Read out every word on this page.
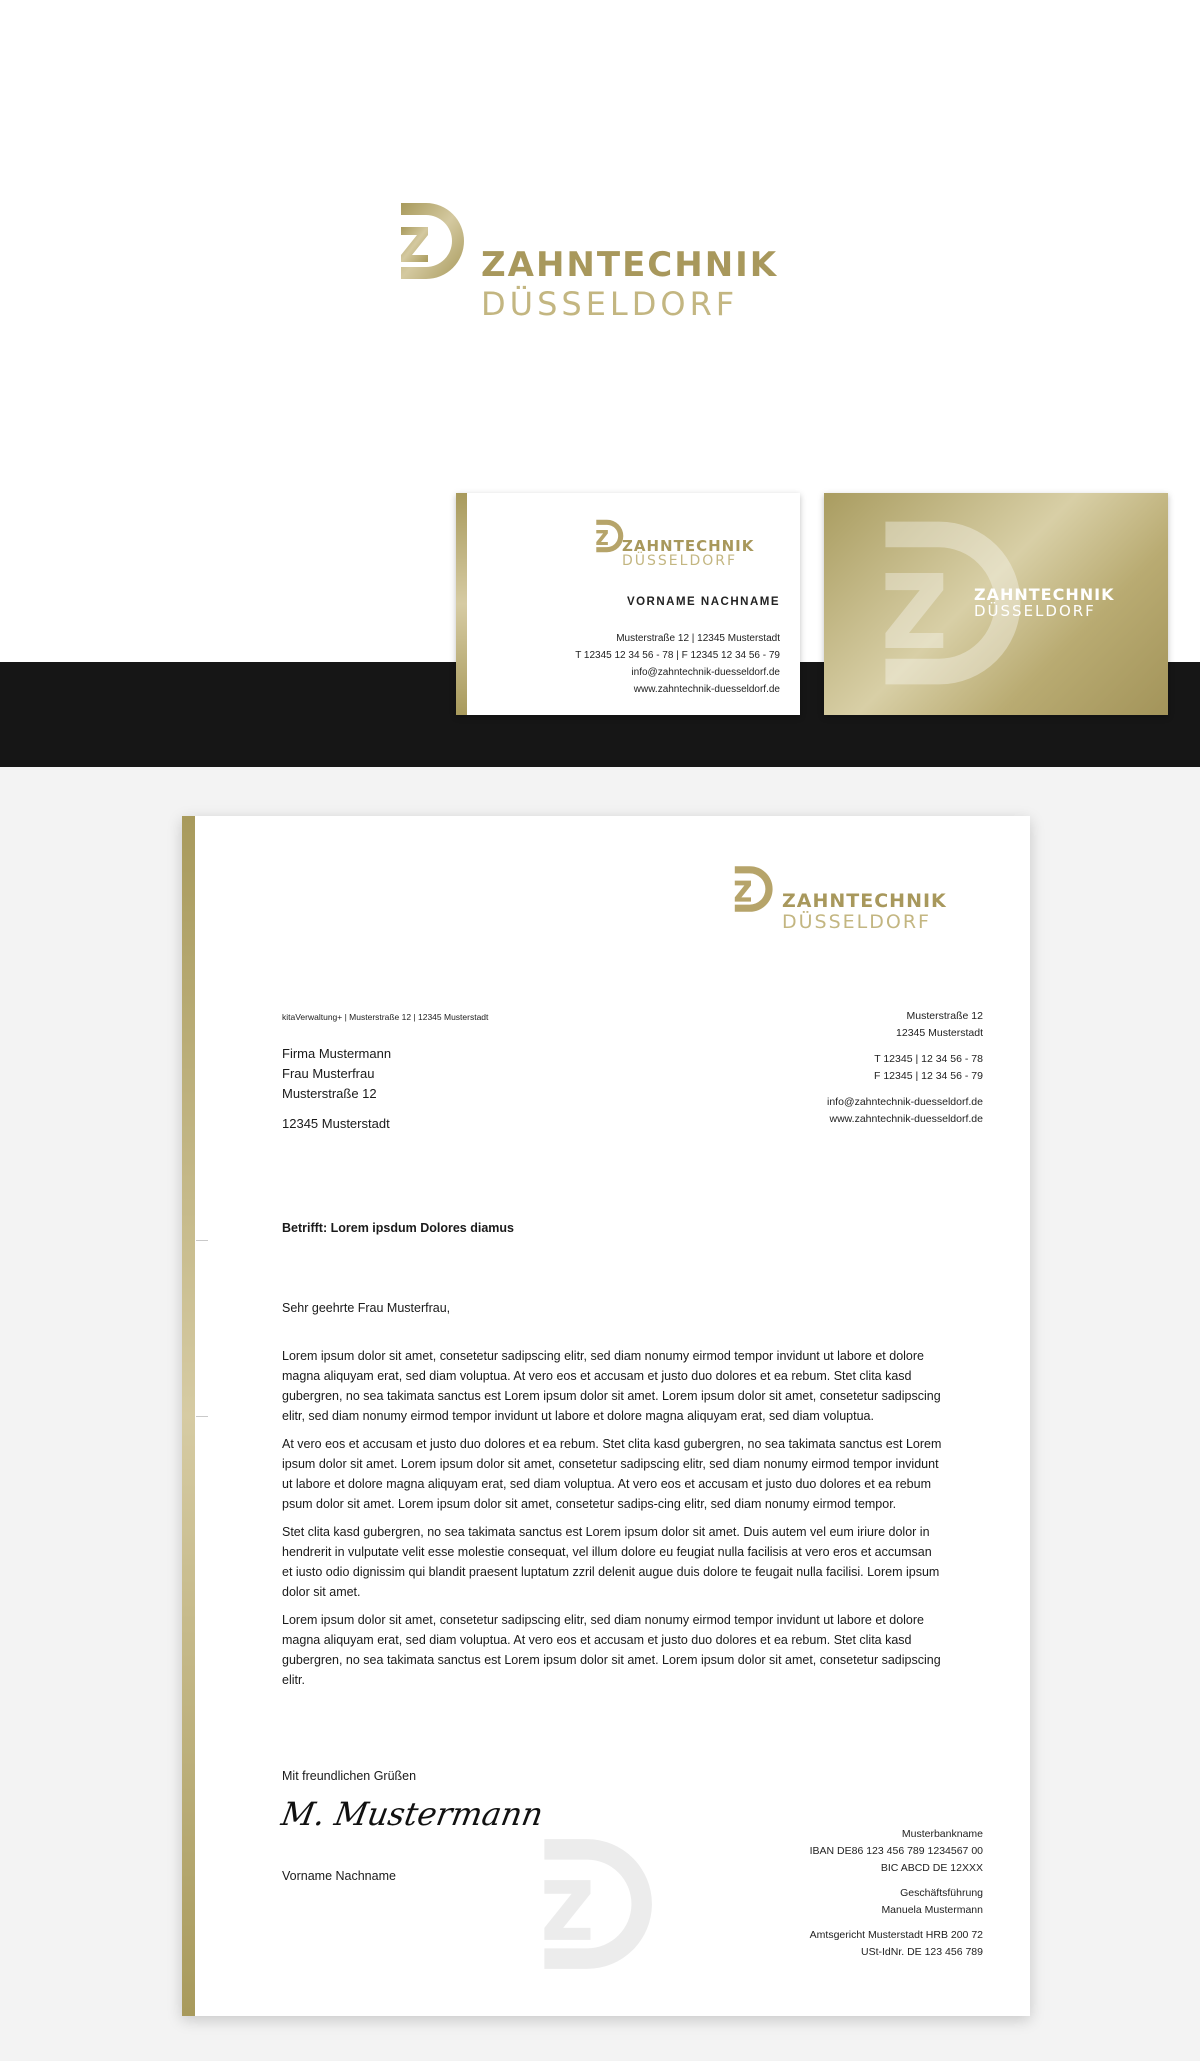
ZAHNTECHNIK
DÜSSELDORF
ZAHNTECHNIK
DÜSSELDORF
VORNAME NACHNAME
Musterstraße 12 | 12345 Musterstadt
T 12345 12 34 56 - 78 | F 12345 12 34 56 - 79
info@zahntechnik-duesseldorf.de
www.zahntechnik-duesseldorf.de
ZAHNTECHNIK
DÜSSELDORF
ZAHNTECHNIK
DÜSSELDORF
kitaVerwaltung+ | Musterstraße 12 | 12345 Musterstadt
Firma Mustermann
Frau Musterfrau
Musterstraße 12
12345 Musterstadt
Musterstraße 12
12345 Musterstadt
T 12345 | 12 34 56 - 78
F 12345 | 12 34 56 - 79
info@zahntechnik-duesseldorf.de
www.zahntechnik-duesseldorf.de
Betrifft: Lorem ipsdum Dolores diamus
Sehr geehrte Frau Musterfrau,

Lorem ipsum dolor sit amet, consetetur sadipscing elitr, sed diam nonumy eirmod tempor invidunt ut labore et dolore magna aliquyam erat, sed diam voluptua. At vero eos et accusam et justo duo dolores et ea rebum. Stet clita kasd gubergren, no sea takimata sanctus est Lorem ipsum dolor sit amet. Lorem ipsum dolor sit amet, consetetur sadipscing elitr, sed diam nonumy eirmod tempor invidunt ut labore et dolore magna aliquyam erat, sed diam voluptua.

At vero eos et accusam et justo duo dolores et ea rebum. Stet clita kasd gubergren, no sea takimata sanctus est Lorem ipsum dolor sit amet. Lorem ipsum dolor sit amet, consetetur sadipscing elitr, sed diam nonumy eirmod tempor invidunt ut labore et dolore magna aliquyam erat, sed diam voluptua. At vero eos et accusam et justo duo dolores et ea rebum psum dolor sit amet. Lorem ipsum dolor sit amet, consetetur sadips-cing elitr, sed diam nonumy eirmod tempor.

Stet clita kasd gubergren, no sea takimata sanctus est Lorem ipsum dolor sit amet. Duis autem vel eum iriure dolor in hendrerit in vulputate velit esse molestie consequat, vel illum dolore eu feugiat nulla facilisis at vero eros et accumsan et iusto odio dignissim qui blandit praesent luptatum zzril delenit augue duis dolore te feugait nulla facilisi. Lorem ipsum dolor sit amet.

Lorem ipsum dolor sit amet, consetetur sadipscing elitr, sed diam nonumy eirmod tempor invidunt ut labore et dolore magna aliquyam erat, sed diam voluptua. At vero eos et accusam et justo duo dolores et ea rebum. Stet clita kasd gubergren, no sea takimata sanctus est Lorem ipsum dolor sit amet. Lorem ipsum dolor sit amet, consetetur sadipscing elitr.

Mit freundlichen Grüßen
M. Mustermann
Vorname Nachname
Musterbankname
IBAN DE86 123 456 789 1234567 00
BIC ABCD DE 12XXX
Geschäftsführung
Manuela Mustermann
Amtsgericht Musterstadt HRB 200 72
USt-IdNr. DE 123 456 789
